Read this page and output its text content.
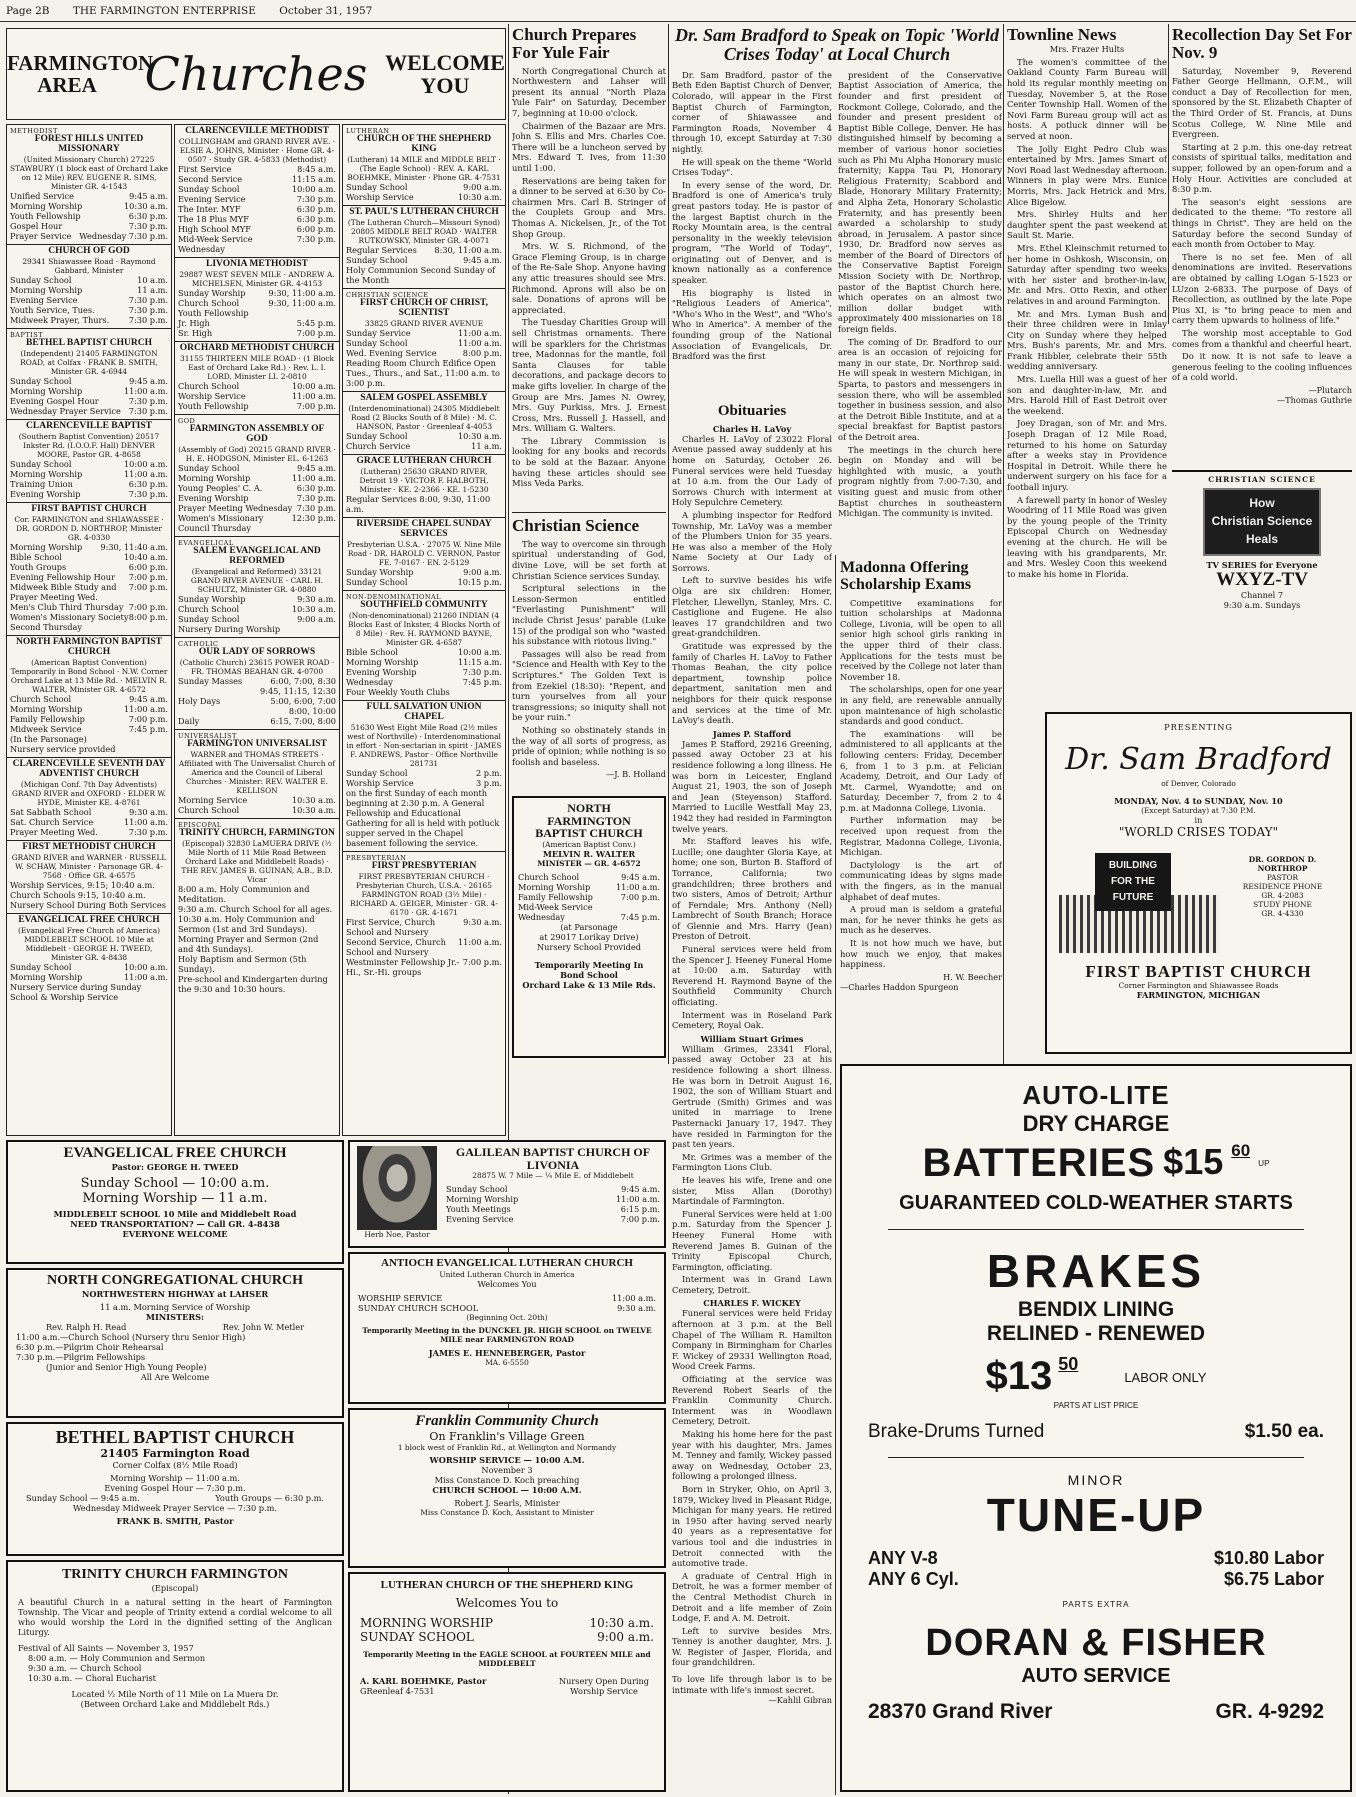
Page 2B THE FARMINGTON ENTERPRISE October 31, 1957
FARMINGTON AREA	Churches WELCOME YOU
METHODIST
FOREST HILLS UNITED MISSIONARY
(United Missionary Church) 27225 STAWBURY (1 block east of Orchard Lake on 12 Mile) REV. EUGENE R. SIMS, Minister GR. 4-1543
Unified Service	9:45 a.m.
Morning Worship	10:30 a.m.
Youth Fellowship	6:30 p.m.
Gospel Hour	7:30 p.m.
Prayer Service Wednesday 7:30 p.m.
CHURCH OF GOD
29341 Shiawassee Road · Raymond Gabbard, Minister
Sunday School	10 a.m.
Morning Worship	11 a.m.
Evening Service	7:30 p.m.
Youth Service, Tues.	7:30 p.m.
Midweek Prayer, Thurs.	7:30 p.m.
BAPTIST
BETHEL BAPTIST CHURCH
(Independent) 21405 FARMINGTON ROAD, at Colfax · FRANK B. SMITH, Minister GR. 4-6944
Sunday School	9:45 a.m.
Morning Worship	11:00 a.m.
Evening Gospel Hour	7:30 p.m.
Wednesday Prayer Service 7:30 p.m.
CLARENCEVILLE BAPTIST
(Southern Baptist Convention) 20517 Inkster Rd. (I.O.O.F. Hall) DENVER MOORE, Pastor GR. 4-8658
Sunday School	10:00 a.m.
Morning Worship	11:00 a.m.
Training Union	6:30 p.m.
Evening Worship	7:30 p.m.
FIRST BAPTIST CHURCH
Cor. FARMINGTON and SHIAWASSEE · DR. GORDON D. NORTHROP, Minister GR. 4-0330
Morning Worship	9:30, 11:40 a.m.
Bible School	10:40 a.m.
Youth Groups	6:00 p.m.
Evening Fellowship Hour	7:00 p.m.
Midweek Bible Study and Prayer Meeting Wed.
7:00 p.m.
Men's Club Third Thursday 7:00 p.m.
Women's Missionary Society Second Thursday
8:00 p.m.
NORTH FARMINGTON BAPTIST CHURCH
(American Baptist Convention) Temporarily in Bond School · N.W. Corner Orchard Lake at 13 Mile Rd. · MELVIN R. WALTER, Minister GR. 4-6572
Church School	9:45 a.m.
Morning Worship	11:00 a.m.
Family Fellowship	7:00 p.m.
Midweek Service	7:45 p.m.
(In the Parsonage)
Nursery service provided
CLARENCEVILLE SEVENTH DAY ADVENTIST CHURCH
(Michigan Conf. 7th Day Adventists) GRAND RIVER and OXFORD · ELDER W. HYDE, Minister KE. 4-8761
Sat Sabbath School	9:30 a.m.
Sat. Church Service	11:00 a.m.
Prayer Meeting Wed.	7:30 p.m.
FIRST METHODIST CHURCH
GRAND RIVER and WARNER · RUSSELL W. SCHAW, Minister · Parsonage GR. 4-7568 · Office GR. 4-6575
Worship Services, 9:15; 10:40 a.m.
Church Schools 9:15, 10:40 a.m.
Nursery School During Both Services
EVANGELICAL FREE CHURCH
(Evangelical Free Church of America) MIDDLEBELT SCHOOL 10 Mile at Middlebelt · GEORGE H. TWEED, Minister GR. 4-8438
Sunday School	10:00 a.m.
Morning Worship	11:00 a.m.
Nursery Service during Sunday School & Worship Service
CLARENCEVILLE METHODIST
COLLINGHAM and GRAND RIVER AVE. · ELSIE A. JOHNS, Minister · Home GR. 4-0507 · Study GR. 4-5833 (Methodist)
First Service	8:45 a.m.
Second Service	11:15 a.m.
Sunday School	10:00 a.m.
Evening Service	7:30 p.m.
The Inter. MYF	6:30 p.m.
The 18 Plus MYF	6:30 p.m.
High School MYF	6:00 p.m.
Mid-Week Service Wednesday
7:30 p.m.
LIVONIA METHODIST
29887 WEST SEVEN MILE · ANDREW A. MICHELSEN, Minister GR. 4-4153
Sunday Worship	9:30, 11:00 a.m.
Church School	9:30, 11:00 a.m.
Youth Fellowship
Jr. High	5:45 p.m.
Sr. High	7:00 p.m.
ORCHARD METHODIST CHURCH
31155 THIRTEEN MILE ROAD · (1 Block East of Orchard Lake Rd.) · Rev. L. I. LORD, Minister LI. 2-0810
Church School	10:00 a.m.
Worship Service	11:00 a.m.
Youth Fellowship	7:00 p.m.
GOD
FARMINGTON ASSEMBLY OF GOD
(Assembly of God) 20215 GRAND RIVER · H. E. HODGSON, Minister EL. 6-1263
Sunday School	9:45 a.m.
Morning Worship	11:00 a.m.
Young Peoples' C. A.	6:30 p.m.
Evening Worship	7:30 p.m.
Prayer Meeting Wednesday 7:30 p.m.
Women's Missionary Council Thursday
12:30 p.m.
EVANGELICAL
SALEM EVANGELICAL AND REFORMED
(Evangelical and Reformed) 33121 GRAND RIVER AVENUE · CARL H. SCHULTZ, Minister GR. 4-0880
Sunday Worship	9:30 a.m.
Church School	10:30 a.m.
Sunday School	9:00 a.m.
Nursery During Worship
CATHOLIC
OUR LADY OF SORROWS
(Catholic Church) 23615 POWER ROAD · FR. THOMAS BEAHAN GR. 4-0700
Sunday Masses	6:00, 7:00, 8:30
9:45, 11:15, 12:30
Holy Days	5:00, 6:00, 7:00
8:00, 10:00
Daily	6:15, 7:00, 8:00
UNIVERSALIST
FARMINGTON UNIVERSALIST
WARNER and THOMAS STREETS · Affiliated with The Universalist Church of America and the Council of Liberal Churches · Minister: REV. WALTER E. KELLISON
Morning Service	10:30 a.m.
Church School	10:30 a.m.
EPISCOPAL
TRINITY CHURCH, FARMINGTON
(Episcopal) 32830 LaMUERA DRIVE (½ Mile North of 11 Mile Road Between Orchard Lake and Middlebelt Roads) · THE REV. JAMES B. GUINAN, A.B., B.D. Vicar
8:00 a.m. Holy Communion and Meditation.
9:30 a.m. Church School for all ages.
10:30 a.m. Holy Communion and Sermon (1st and 3rd Sundays).
Morning Prayer and Sermon (2nd and 4th Sundays).
Holy Baptism and Sermon (5th Sunday).
Pre-school and Kindergarten during the 9:30 and 10:30 hours.
LUTHERAN
CHURCH OF THE SHEPHERD KING
(Lutheran) 14 MILE and MIDDLE BELT · (The Eagle School) · REV. A. KARL BOEHMKE, Minister · Phone GR. 4-7531
Sunday School	9:00 a.m.
Worship Service	10:30 a.m.
ST. PAUL'S LUTHERAN CHURCH
(The Lutheran Church—Missouri Synod) 20805 MIDDLE BELT ROAD · WALTER RUTKOWSKY, Minister GR. 4-0071
Regular Services	8:30, 11:00 a.m.
Sunday School	9:45 a.m.
Holy Communion Second Sunday of the Month
CHRISTIAN SCIENCE
FIRST CHURCH OF CHRIST, SCIENTIST
33825 GRAND RIVER AVENUE
Sunday Service	11:00 a.m.
Sunday School	11:00 a.m.
Wed. Evening Service	8:00 p.m.
Reading Room Church Edifice Open Tues., Thurs., and Sat., 11:00 a.m. to 3:00 p.m.
SALEM GOSPEL ASSEMBLY
(Interdenominational) 24305 Middlebelt Road (2 Blocks South of 8 Mile) · M. C. HANSON, Pastor · Greenleaf 4-4053
Sunday School	10:30 a.m.
Church Service	11 a.m.
GRACE LUTHERAN CHURCH
(Lutheran) 25630 GRAND RIVER, Detroit 19 · VICTOR F. HALBOTH, Minister · KE. 2-2366 · KE. 1-5230
Regular Services 8:00, 9:30, 11:00 a.m.
RIVERSIDE CHAPEL SUNDAY SERVICES
Presbyterian U.S.A. · 27075 W. Nine Mile Road · DR. HAROLD C. VERNON, Pastor FE. 7-0167 · EN. 2-5129
Sunday Worship	9:00 a.m.
Sunday School	10:15 p.m.
NON-DENOMINATIONAL
SOUTHFIELD COMMUNITY
(Non-denominational) 21260 INDIAN (4 Blocks East of Inkster, 4 Blocks North of 8 Mile) · Rev. H. RAYMOND BAYNE, Minister GR. 4-6587
Bible School	10:00 a.m.
Morning Worship	11:15 a.m.
Evening Worship	7:30 p.m.
Wednesday	7:45 p.m.
Four Weekly Youth Clubs
FULL SALVATION UNION CHAPEL
51630 West Eight Mile Road (2½ miles west of Northville) · Interdenominational in effort · Non-sectarian in spirit · JAMES F. ANDREWS, Pastor · Office Northville 281731
Sunday School	2 p.m.
Worship Service	3 p.m.
on the first Sunday of each month beginning at 2:30 p.m. A General Fellowship and Educational Gathering for all is held with potluck supper served in the Chapel basement following the service.
PRESBYTERIAN
FIRST PRESBYTERIAN
FIRST PRESBYTERIAN CHURCH · Presbyterian Church, U.S.A. · 26165 FARMINGTON ROAD (3½ Mile) · RICHARD A. GEIGER, Minister · GR. 4-6170 · GR. 4-1671
First Service, Church School and Nursery
9:30 a.m.
Second Service, Church School and Nursery
11:00 a.m.
Westminster Fellowship Jr.-Hi., Sr.-Hi. groups
7:00 p.m.
EVANGELICAL FREE CHURCH
Pastor: GEORGE H. TWEED
Sunday School — 10:00 a.m.
Morning Worship — 11 a.m.
MIDDLEBELT SCHOOL 10 Mile and Middlebelt Road
NEED TRANSPORTATION? — Call GR. 4-8438
EVERYONE WELCOME
NORTH CONGREGATIONAL CHURCH
NORTHWESTERN HIGHWAY at LAHSER
11 a.m. Morning Service of Worship
MINISTERS:
Rev. Ralph H. Read	Rev. John W. Metler
11:00 a.m.—Church School (Nursery thru Senior High)
6:30 p.m.—Pilgrim Choir Rehearsal
7:30 p.m.—Pilgrim Fellowships
(Junior and Senior High Young People)
All Are Welcome
BETHEL BAPTIST CHURCH
21405 Farmington Road
Corner Colfax (8½ Mile Road)
Morning Worship — 11:00 a.m.
Evening Gospel Hour — 7:30 p.m.
Sunday School — 9:45 a.m.	Youth Groups — 6:30 p.m.
Wednesday Midweek Prayer Service — 7:30 p.m.
FRANK B. SMITH, Pastor
TRINITY CHURCH FARMINGTON
(Episcopal)
A beautiful Church in a natural setting in the heart of Farmington Township. The Vicar and people of Trinity extend a cordial welcome to all who would worship the Lord in the dignified setting of the Anglican Liturgy.
Festival of All Saints — November 3, 1957
8:00 a.m. — Holy Communion and Sermon
9:30 a.m. — Church School
10:30 a.m. — Choral Eucharist
Located ½ Mile North of 11 Mile on La Muera Dr.
(Between Orchard Lake and Middlebelt Rds.)
NORTH
FARMINGTON
BAPTIST CHURCH
(American Baptist Conv.)
MELVIN R. WALTER
MINISTER — GR. 4-6572
Church School	9:45 a.m.
Morning Worship	11:00 a.m.
Family Fellowship	7:00 p.m.
Mid-Week Service
Wednesday	7:45 p.m.
(at Parsonage
at 29017 Lorikay Drive)
Nursery School Provided
Temporarily Meeting In
Bond School
Orchard Lake & 13 Mile Rds.
Herb Noe, Pastor
GALILEAN BAPTIST CHURCH OF LIVONIA
28875 W. 7 Mile — ¼ Mile E. of Middlebelt
Sunday School	9:45 a.m.
Morning Worship	11:00 a.m.
Youth Meetings	6:15 p.m.
Evening Service	7:00 p.m.
ANTIOCH EVANGELICAL LUTHERAN CHURCH
United Lutheran Church in America
Welcomes You
WORSHIP SERVICE	11:00 a.m.
SUNDAY CHURCH SCHOOL	9:30 a.m.
(Beginning Oct. 20th)
Temporarily Meeting in the DUNCKEL JR. HIGH SCHOOL on TWELVE MILE near FARMINGTON ROAD
JAMES E. HENNEBERGER, Pastor
MA. 6-5550
Franklin Community Church
On Franklin's Village Green
1 block west of Franklin Rd., at Wellington and Normandy
WORSHIP SERVICE — 10:00 A.M.
November 3
Miss Constance D. Koch preaching
CHURCH SCHOOL — 10:00 A.M.
Robert J. Searls, Minister
Miss Constance D. Koch, Assistant to Minister
LUTHERAN CHURCH OF THE SHEPHERD KING
Welcomes You to
MORNING WORSHIP	10:30 a.m.
SUNDAY SCHOOL	9:00 a.m.
Temporarily Meeting in the EAGLE SCHOOL at FOURTEEN MILE and MIDDLEBELT
A. KARL BOEHMKE, Pastor
GReenleaf 4-7531
Nursery Open During Worship Service
Church Prepares For Yule Fair

North Congregational Church at Northwestern and Lahser will present its annual "North Plaza Yule Fair" on Saturday, December 7, beginning at 10:00 o'clock.

Chairmen of the Bazaar are Mrs. John S. Ellis and Mrs. Charles Coe. There will be a luncheon served by Mrs. Edward T. Ives, from 11:30 until 1:00.

Reservations are being taken for a dinner to be served at 6:30 by Co-chairmen Mrs. Carl B. Stringer of the Couplets Group and Mrs. Thomas A. Nickelsen, Jr., of the Tot Shop Group.

Mrs. W. S. Richmond, of the Grace Fleming Group, is in charge of the Re-Sale Shop. Anyone having any attic treasures should see Mrs. Richmond. Aprons will also be on sale. Donations of aprons will be appreciated.

The Tuesday Charities Group will sell Christmas ornaments. There will be sparklers for the Christmas tree, Madonnas for the mantle, foil Santa Clauses for table decorations, and package decors to make gifts lovelier. In charge of the Group are Mrs. James N. Owrey, Mrs. Guy Purkiss, Mrs. J. Ernest Cross, Mrs. Russell J. Hassell, and Mrs. William G. Walters.

The Library Commission is looking for any books and records to be sold at the Bazaar. Anyone having these articles should see Miss Veda Parks.

Christian Science

The way to overcome sin through spiritual understanding of God, divine Love, will be set forth at Christian Science services Sunday.

Scriptural selections in the Lesson-Sermon entitled "Everlasting Punishment" will include Christ Jesus' parable (Luke 15) of the prodigal son who "wasted his substance with riotous living."

Passages will also be read from "Science and Health with Key to the Scriptures." The Golden Text is from Ezekiel (18:30): "Repent, and turn yourselves from all your transgressions; so iniquity shall not be your ruin."

Nothing so obstinately stands in the way of all sorts of progress, as pride of opinion; while nothing is so foolish and baseless.

—J. B. Holland
Dr. Sam Bradford to Speak on Topic 'World Crises Today' at Local Church

Dr. Sam Bradford, pastor of the Beth Eden Baptist Church of Denver, Colorado, will appear in the First Baptist Church of Farmington, corner of Shiawassee and Farmington Roads, November 4 through 10, except Saturday at 7:30 nightly.

He will speak on the theme "World Crises Today".

In every sense of the word, Dr. Bradford is one of America's truly great pastors today. He is pastor of the largest Baptist church in the Rocky Mountain area, is the central personality in the weekly television program, "The World of Today", originating out of Denver, and is known nationally as a conference speaker.

His biography is listed in "Religious Leaders of America", "Who's Who in the West", and "Who's Who in America". A member of the founding group of the National Association of Evangelicals, Dr. Bradford was the first

president of the Conservative Baptist Association of America, the founder and first president of Rockmont College, Colorado, and the founder and present president of Baptist Bible College, Denver. He has distinguished himself by becoming a member of various honor societies such as Phi Mu Alpha Honorary music fraternity; Kappa Tau Pi, Honorary Religious Fraternity; Scabbord and Blade, Honorary Military Fraternity; and Alpha Zeta, Honorary Scholastic Fraternity, and has presently been awarded a scholarship to study abroad, in Jerusalem. A pastor since 1930, Dr. Bradford now serves as member of the Board of Directors of the Conservative Baptist Foreign Mission Society with Dr. Northrop, pastor of the Baptist Church here, which operates on an almost two million dollar budget with approximately 400 missionaries on 18 foreign fields.

The coming of Dr. Bradford to our area is an occasion of rejoicing for many in our state, Dr. Northrop said. He will speak in western Michigan, in Sparta, to pastors and messengers in session there, who will be assembled together in business session, and also at the Detroit Bible Institute, and at a special breakfast for Baptist pastors of the Detroit area.

The meetings in the church here begin on Monday and will be highlighted with music, a youth program nightly from 7:00-7:30, and visiting guest and music from other Baptist churches in southeastern Michigan. The community is invited.

Obituaries
Charles H. LaVoy

Charles H. LaVoy of 23022 Floral Avenue passed away suddenly at his home on Saturday, October 26. Funeral services were held Tuesday at 10 a.m. from the Our Lady of Sorrows Church with interment at Holy Sepulchre Cemetery.

A plumbing inspector for Redford Township, Mr. LaVoy was a member of the Plumbers Union for 35 years. He was also a member of the Holy Name Society at Our Lady of Sorrows.

Left to survive besides his wife Olga are six children: Homer, Fletcher, Llewellyn, Stanley, Mrs. C. Castiglione and Eugene. He also leaves 17 grandchildren and two great-grandchildren.

Gratitude was expressed by the family of Charles H. LaVoy to Father Thomas Beahan, the city police department, township police department, sanitation men and neighbors for their quick response and services at the time of Mr. LaVoy's death.

James P. Stafford

James P. Stafford, 29216 Greening, passed away October 23 at his residence following a long illness. He was born in Leicester, England August 21, 1903, the son of Joseph and Jean (Steyenson) Stafford. Married to Lucille Westfall May 23, 1942 they had resided in Farmington twelve years.

Mr. Stafford leaves his wife, Lucille; one daughter Gloria Kaye, at home; one son, Burton B. Stafford of Torrance, California; two grandchildren; three brothers and two sisters, Amos of Detroit; Arthur of Ferndale; Mrs. Anthony (Nell) Lambrecht of South Branch; Horace of Glennie and Mrs. Harry (Jean) Preston of Detroit.

Funeral services were held from the Spencer J. Heeney Funeral Home at 10:00 a.m. Saturday with Reverend H. Raymond Bayne of the Southfield Community Church officiating.

Interment was in Roseland Park Cemetery, Royal Oak.

William Stuart Grimes

William Grimes, 23341 Floral, passed away October 23 at his residence following a short illness. He was born in Detroit August 16, 1902, the son of William Stuart and Gertrude (Smith) Grimes and was united in marriage to Irene Pasternacki January 17, 1947. They have resided in Farmington for the past ten years.

Mr. Grimes was a member of the Farmington Lions Club.

He leaves his wife, Irene and one sister, Miss Allan (Dorothy) Martindale of Farmington.

Funeral Services were held at 1:00 p.m. Saturday from the Spencer J. Heeney Funeral Home with Reverend James B. Guinan of the Trinity Episcopal Church, Farmington, officiating.

Interment was in Grand Lawn Cemetery, Detroit.

CHARLES F. WICKEY

Funeral services were held Friday afternoon at 3 p.m. at the Bell Chapel of The William R. Hamilton Company in Birmingham for Charles F. Wickey of 29331 Wellington Road, Wood Creek Farms.

Officiating at the service was Reverend Robert Searls of the Franklin Community Church. Interment was in Woodlawn Cemetery, Detroit.

Making his home here for the past year with his daughter, Mrs. James M. Tenney and family, Wickey passed away on Wednesday, October 23, following a prolonged illness.

Born in Stryker, Ohio, on April 3, 1879, Wickey lived in Pleasant Ridge, Michigan for many years. He retired in 1950 after having served nearly 40 years as a representative for various tool and die industries in Detroit connected with the automotive trade.

A graduate of Central High in Detroit, he was a former member of the Central Methodist Church in Detroit and a life member of Zoin Lodge, F. and A. M. Detroit.

Left to survive besides Mrs. Tenney is another daughter, Mrs. J. W. Register of Jasper, Florida, and four grandchildren.

To love life through labor is to be intimate with life's inmost secret.
—Kahlil Gibran
Madonna Offering Scholarship Exams

Competitive examinations for tuition scholarships at Madonna College, Livonia, will be open to all senior high school girls ranking in the upper third of their class. Applications for the tests must be received by the College not later than November 18.

The scholarships, open for one year in any field, are renewable annually upon maintenance of high scholastic standards and good conduct.

The examinations will be administered to all applicants at the following centers: Friday, December 6, from 1 to 3 p.m. at Felician Academy, Detroit, and Our Lady of Mt. Carmel, Wyandotte; and on Saturday, December 7, from 2 to 4 p.m. at Madonna College, Livonia.

Further information may be received upon request from the Registrar, Madonna College, Livonia, Michigan.

Dactylology is the art of communicating ideas by signs made with the fingers, as in the manual alphabet of deaf mutes.

A proud man is seldom a grateful man, for he never thinks he gets as much as he deserves.

It is not how much we have, but how much we enjoy, that makes happiness.

H. W. Beecher
—Charles Haddon Spurgeon
Townline News
Mrs. Frazer Hults

The women's committee of the Oakland County Farm Bureau will hold its regular monthly meeting on Tuesday, November 5, at the Rose Center Township Hall. Women of the Novi Farm Bureau group will act as hosts. A potluck dinner will be served at noon.

The Jolly Eight Pedro Club was entertained by Mrs. James Smart of Novi Road last Wednesday afternoon. Winners in play were Mrs. Eunice Morris, Mrs. Jack Hetrick and Mrs. Alice Bigelow.

Mrs. Shirley Hults and her daughter spent the past weekend at Sault St. Marie.

Mrs. Ethel Kleinschmit returned to her home in Oshkosh, Wisconsin, on Saturday after spending two weeks with her sister and brother-in-law, Mr. and Mrs. Otto Rexin, and other relatives in and around Farmington.

Mr. and Mrs. Lyman Bush and their three children were in Imlay City on Sunday where they helped Mrs. Bush's parents, Mr. and Mrs. Frank Hibbler, celebrate their 55th wedding anniversary.

Mrs. Luella Hill was a guest of her son and daughter-in-law, Mr. and Mrs. Harold Hill of East Detroit over the weekend.

Joey Dragan, son of Mr. and Mrs. Joseph Dragan of 12 Mile Road, returned to his home on Saturday after a weeks stay in Providence Hospital in Detroit. While there he underwent surgery on his face for a football injury.

A farewell party in honor of Wesley Woodring of 11 Mile Road was given by the young people of the Trinity Episcopal Church on Wednesday evening at the church. He will be leaving with his grandparents, Mr. and Mrs. Wesley Coon this weekend to make his home in Florida.

Recollection Day Set For Nov. 9

Saturday, November 9, Reverend Father George Hellmann, O.F.M., will conduct a Day of Recollection for men, sponsored by the St. Elizabeth Chapter of the Third Order of St. Francis, at Duns Scotus College, W. Nine Mile and Evergreen.

Starting at 2 p.m. this one-day retreat consists of spiritual talks, meditation and supper, followed by an open-forum and a Holy Hour. Activities are concluded at 8:30 p.m.

The season's eight sessions are dedicated to the theme: "To restore all things in Christ". They are held on the Saturday before the second Sunday of each month from October to May.

There is no set fee. Men of all denominations are invited. Reservations are obtained by calling LOgan 5-1523 or LUzon 2-6833. The purpose of Days of Recollection, as outlined by the late Pope Pius XI, is "to bring peace to men and carry them upwards to holiness of life."

The worship most acceptable to God comes from a thankful and cheerful heart.

Do it now. It is not safe to leave a generous feeling to the cooling influences of a cold world.

—Plutarch
—Thomas Guthrie
CHRISTIAN SCIENCE
How
Christian Science
Heals
TV SERIES for Everyone
WXYZ-TV
Channel 7
9:30 a.m. Sundays
PRESENTING
Dr. Sam Bradford
of Denver, Colorado
MONDAY, Nov. 4 to SUNDAY, Nov. 10
(Except Saturday) at 7:30 P.M.
in
"WORLD CRISES TODAY"
BUILDING
FOR THE
FUTURE
DR. GORDON D. NORTHROP
PASTOR
RESIDENCE PHONE
GR. 4-2083
STUDY PHONE
GR. 4-4330
FIRST BAPTIST CHURCH
Corner Farmington and Shiawassee Roads
FARMINGTON, MICHIGAN
AUTO-LITE
DRY CHARGE
BATTERIES $15 60
UP
GUARANTEED COLD-WEATHER STARTS
BRAKES
BENDIX LINING
RELINED - RENEWED
$13 50
LABOR ONLY
PARTS AT LIST PRICE
Brake-Drums Turned	$1.50 ea.
MINOR
TUNE-UP
ANY V-8	$10.80 Labor
ANY 6 Cyl.	$6.75 Labor
PARTS EXTRA
DORAN & FISHER
AUTO SERVICE
28370 Grand River	GR. 4-9292
